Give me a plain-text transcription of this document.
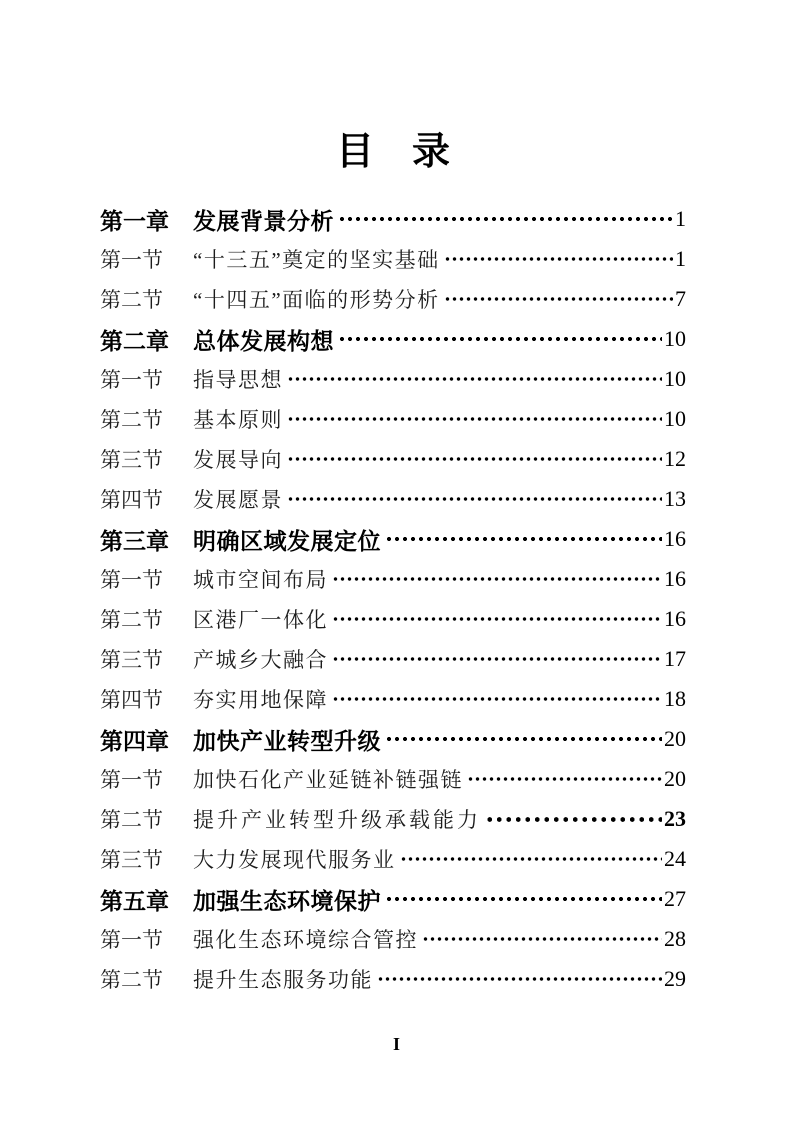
目　录
第一章	发展背景分析	1
第一节	“十三五”奠定的坚实基础	1
第二节	“十四五”面临的形势分析	7
第二章	总体发展构想	10
第一节	指导思想	10
第二节	基本原则	10
第三节	发展导向	12
第四节	发展愿景	13
第三章	明确区域发展定位	16
第一节	城市空间布局	16
第二节	区港厂一体化	16
第三节	产城乡大融合	17
第四节	夯实用地保障	18
第四章	加快产业转型升级	20
第一节	加快石化产业延链补链强链	20
第二节	提升产业转型升级承载能力	23
第三节	大力发展现代服务业	24
第五章	加强生态环境保护	27
第一节	强化生态环境综合管控	28
第二节	提升生态服务功能	29
I
